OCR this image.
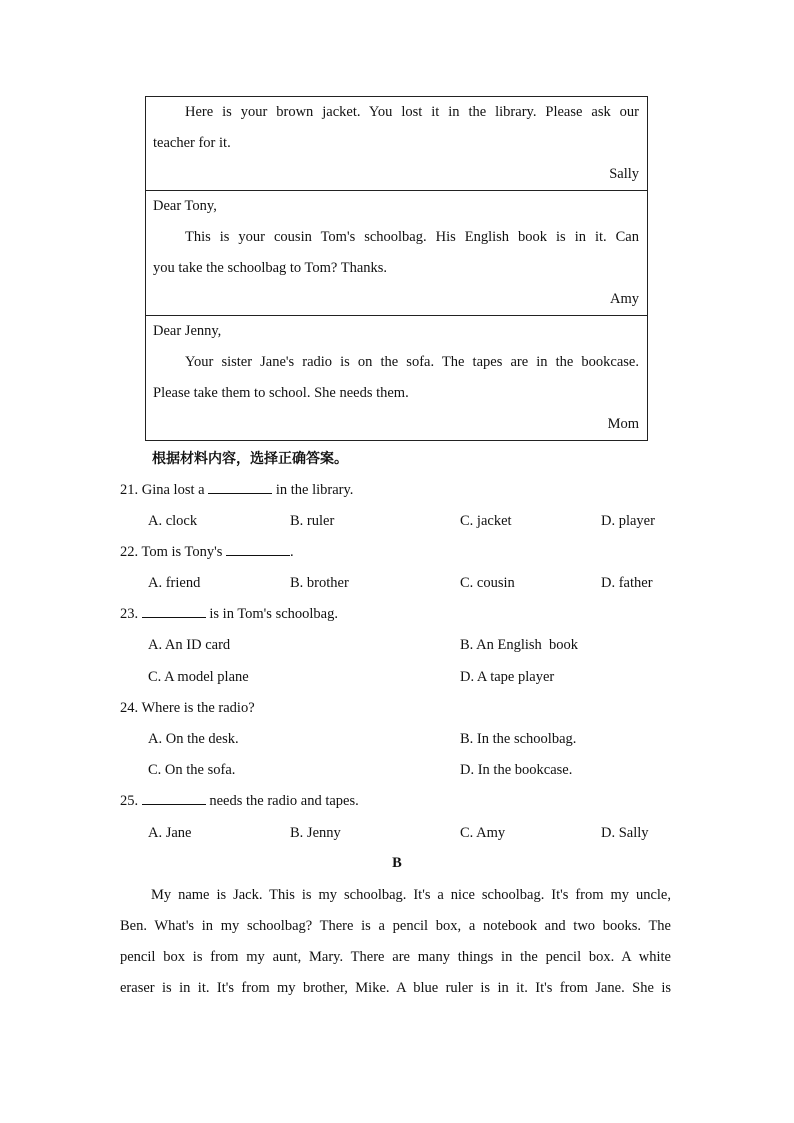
Here is your brown jacket. You lost it in the library. Please ask our
teacher for it.
Sally
Dear Tony,
This is your cousin Tom's schoolbag. His English book is in it. Can
you take the schoolbag to Tom? Thanks.
Amy
Dear Jenny,
Your sister Jane's radio is on the sofa. The tapes are in the bookcase.
Please take them to school. She needs them.
Mom
根据材料内容，选择正确答案。
21. Gina lost a	in the library.
A. clock	B. ruler	C. jacket	D. player
22. Tom is Tony's	.
A. friend	B. brother	C. cousin	D. father
23.	is in Tom's schoolbag.
A. An ID card	B. An English  book
C. A model plane	D. A tape player
24. Where is the radio?
A. On the desk.	B. In the schoolbag.
C. On the sofa.	D. In the bookcase.
25.	needs the radio and tapes.
A. Jane	B. Jenny	C. Amy	D. Sally
B
My name is Jack. This is my schoolbag. It's a nice schoolbag. It's from my uncle,
Ben. What's in my schoolbag? There is a pencil box, a notebook and two books. The
pencil box is from my aunt, Mary. There are many things in the pencil box. A white
eraser is in it. It's from my brother, Mike. A blue ruler is in it. It's from Jane. She is
